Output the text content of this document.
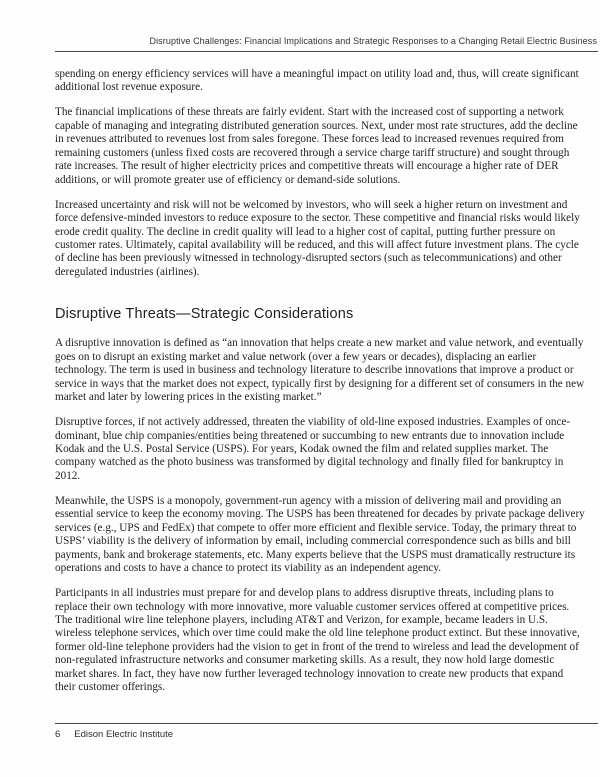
Disruptive Challenges: Financial Implications and Strategic Responses to a Changing Retail Electric Business

spending on energy efficiency services will have a meaningful impact on utility load and, thus, will create significant additional lost revenue exposure.

The financial implications of these threats are fairly evident. Start with the increased cost of supporting a network capable of managing and integrating distributed generation sources. Next, under most rate structures, add the decline in revenues attributed to revenues lost from sales foregone. These forces lead to increased revenues required from remaining customers (unless fixed costs are recovered through a service charge tariff structure) and sought through rate increases. The result of higher electricity prices and competitive threats will encourage a higher rate of DER additions, or will promote greater use of efficiency or demand-side solutions.

Increased uncertainty and risk will not be welcomed by investors, who will seek a higher return on investment and force defensive-minded investors to reduce exposure to the sector. These competitive and financial risks would likely erode credit quality. The decline in credit quality will lead to a higher cost of capital, putting further pressure on customer rates. Ultimately, capital availability will be reduced, and this will affect future investment plans. The cycle of decline has been previously witnessed in technology-disrupted sectors (such as telecommunications) and other deregulated industries (airlines).

Disruptive Threats—Strategic Considerations

A disruptive innovation is defined as “an innovation that helps create a new market and value network, and eventually goes on to disrupt an existing market and value network (over a few years or decades), displacing an earlier technology. The term is used in business and technology literature to describe innovations that improve a product or service in ways that the market does not expect, typically first by designing for a different set of consumers in the new market and later by lowering prices in the existing market.”

Disruptive forces, if not actively addressed, threaten the viability of old-line exposed industries. Examples of once-dominant, blue chip companies/entities being threatened or succumbing to new entrants due to innovation include Kodak and the U.S. Postal Service (USPS). For years, Kodak owned the film and related supplies market. The company watched as the photo business was transformed by digital technology and finally filed for bankruptcy in 2012.

Meanwhile, the USPS is a monopoly, government-run agency with a mission of delivering mail and providing an essential service to keep the economy moving. The USPS has been threatened for decades by private package delivery services (e.g., UPS and FedEx) that compete to offer more efficient and flexible service. Today, the primary threat to USPS’ viability is the delivery of information by email, including commercial correspondence such as bills and bill payments, bank and brokerage statements, etc. Many experts believe that the USPS must dramatically restructure its operations and costs to have a chance to protect its viability as an independent agency.

Participants in all industries must prepare for and develop plans to address disruptive threats, including plans to replace their own technology with more innovative, more valuable customer services offered at competitive prices. The traditional wire line telephone players, including AT&T and Verizon, for example, became leaders in U.S. wireless telephone services, which over time could make the old line telephone product extinct. But these innovative, former old-line telephone providers had the vision to get in front of the trend to wireless and lead the development of non-regulated infrastructure networks and consumer marketing skills. As a result, they now hold large domestic market shares. In fact, they have now further leveraged technology innovation to create new products that expand their customer offerings.

6 Edison Electric Institute
